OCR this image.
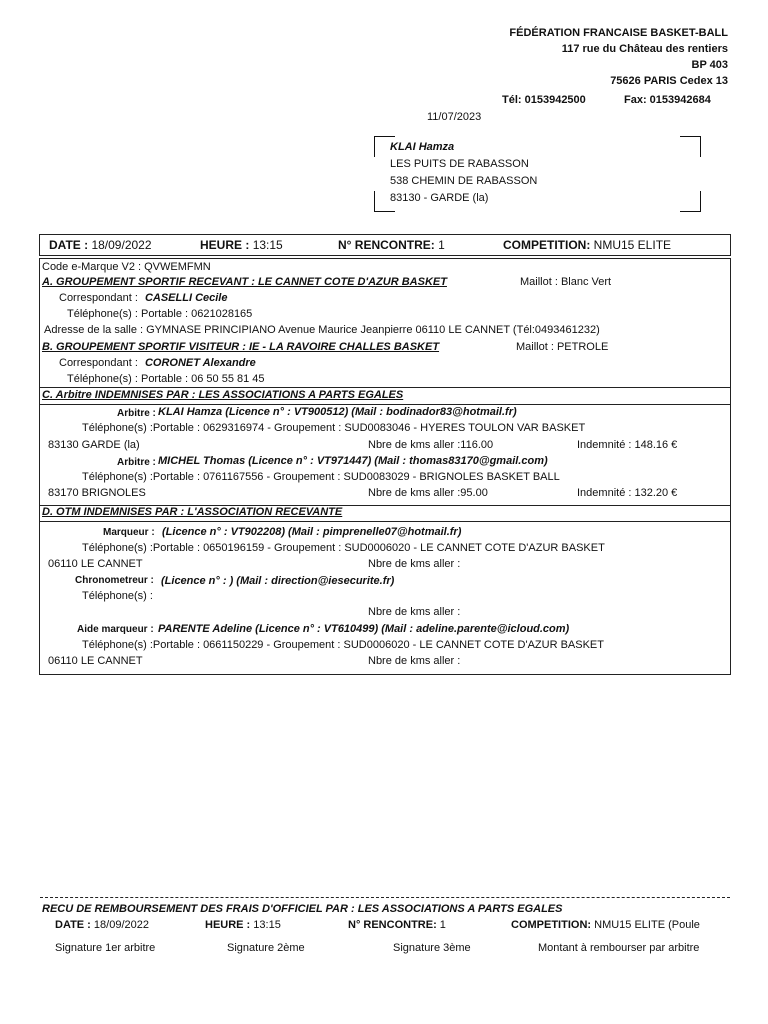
FÉDÉRATION FRANCAISE BASKET-BALL
117 rue du Château des rentiers
BP 403
75626 PARIS Cedex 13
Tél: 0153942500	Fax: 0153942684
11/07/2023
KLAI Hamza
LES PUITS DE RABASSON
538 CHEMIN DE RABASSON
83130 - GARDE (la)
DATE : 18/09/2022	HEURE : 13:15	N° RENCONTRE: 1	COMPETITION: NMU15 ELITE
Code e-Marque V2 : QVWEMFMN
A. GROUPEMENT SPORTIF RECEVANT : LE CANNET COTE D'AZUR BASKET	Maillot : Blanc Vert
Correspondant : CASELLI Cecile
Téléphone(s) : Portable : 0621028165
Adresse de la salle : GYMNASE PRINCIPIANO Avenue Maurice Jeanpierre 06110 LE CANNET (Tél:0493461232)
B. GROUPEMENT SPORTIF VISITEUR : IE - LA RAVOIRE CHALLES BASKET	Maillot : PETROLE
Correspondant : CORONET Alexandre
Téléphone(s) : Portable : 06 50 55 81 45
C. Arbitre INDEMNISES PAR : LES ASSOCIATIONS A PARTS EGALES
Arbitre : KLAI Hamza (Licence n° : VT900512) (Mail : bodinador83@hotmail.fr)
Téléphone(s) :Portable : 0629316974 - Groupement : SUD0083046 - HYERES TOULON VAR BASKET
83130 GARDE (la)	Nbre de kms aller :116.00	Indemnité : 148.16 €
Arbitre : MICHEL Thomas (Licence n° : VT971447) (Mail : thomas83170@gmail.com)
Téléphone(s) :Portable : 0761167556 - Groupement : SUD0083029 - BRIGNOLES BASKET BALL
83170 BRIGNOLES	Nbre de kms aller :95.00	Indemnité : 132.20 €
D. OTM INDEMNISES PAR : L'ASSOCIATION RECEVANTE
Marqueur : (Licence n° : VT902208) (Mail : pimprenelle07@hotmail.fr)
Téléphone(s) :Portable : 0650196159 - Groupement : SUD0006020 - LE CANNET COTE D'AZUR BASKET
06110 LE CANNET	Nbre de kms aller :
Chronometreur : (Licence n° : ) (Mail : direction@iesecurite.fr)
Téléphone(s) :
Nbre de kms aller :
Aide marqueur : PARENTE Adeline (Licence n° : VT610499) (Mail : adeline.parente@icloud.com)
Téléphone(s) :Portable : 0661150229 - Groupement : SUD0006020 - LE CANNET COTE D'AZUR BASKET
06110 LE CANNET	Nbre de kms aller :
RECU DE REMBOURSEMENT DES FRAIS D'OFFICIEL PAR : LES ASSOCIATIONS A PARTS EGALES
DATE : 18/09/2022	HEURE : 13:15	N° RENCONTRE: 1	COMPETITION: NMU15 ELITE (Poule
Signature 1er arbitre	Signature 2ème	Signature 3ème	Montant à rembourser par arbitre
